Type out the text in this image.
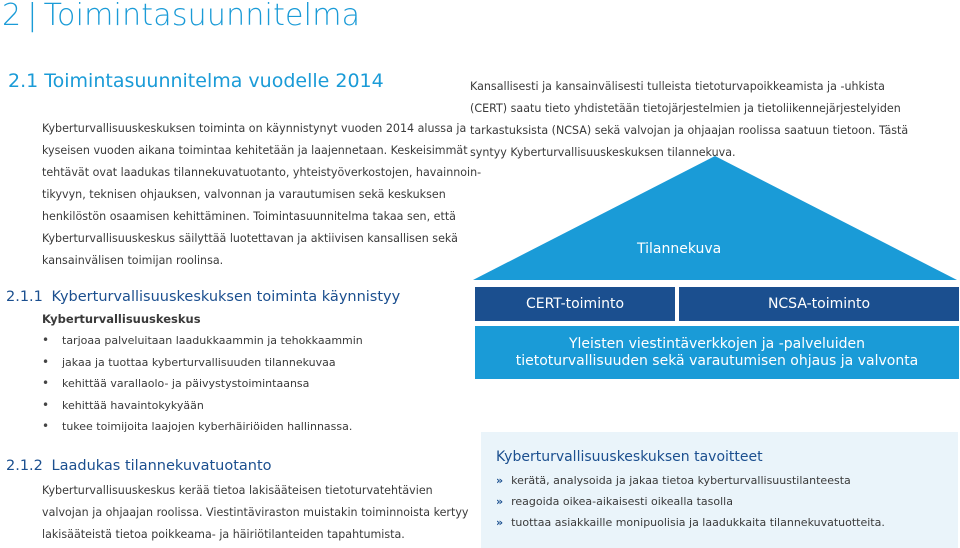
2 | Toimintasuunnitelma
2.1 Toimintasuunnitelma vuodelle 2014
Kyberturvallisuuskeskuksen toiminta on käynnistynyt vuoden 2014 alussa ja
kyseisen vuoden aikana toimintaa kehitetään ja laajennetaan. Keskeisimmät
tehtävät ovat laadukas tilannekuvatuotanto, yhteistyöverkostojen, havainnoin-
tikyvyn, teknisen ohjauksen, valvonnan ja varautumisen sekä keskuksen
henkilöstön osaamisen kehittäminen. Toimintasuunnitelma takaa sen, että
Kyberturvallisuuskeskus säilyttää luotettavan ja aktiivisen kansallisen sekä
kansainvälisen toimijan roolinsa.
Kansallisesti ja kansainvälisesti tulleista tietoturvapoikkeamista ja -uhkista
(CERT) saatu tieto yhdistetään tietojärjestelmien ja tietoliikennejärjestelyiden
tarkastuksista (NCSA) sekä valvojan ja ohjaajan roolissa saatuun tietoon. Tästä
syntyy Kyberturvallisuuskeskuksen tilannekuva.
Tilannekuva
CERT-toiminto	NCSA-toiminto
Yleisten viestintäverkkojen ja -palveluiden
tietoturvallisuuden sekä varautumisen ohjaus ja valvonta
2.1.1 Kyberturvallisuuskeskuksen toiminta käynnistyy
Kyberturvallisuuskeskus
• tarjoaa palveluitaan laadukkaammin ja tehokkaammin
• jakaa ja tuottaa kyberturvallisuuden tilannekuvaa
• kehittää varallaolo- ja päivystystoimintaansa
• kehittää havaintokykyään
• tukee toimijoita laajojen kyberhäiriöiden hallinnassa.
2.1.2 Laadukas tilannekuvatuotanto
Kyberturvallisuuskeskus kerää tietoa lakisääteisen tietoturvatehtävien
valvojan ja ohjaajan roolissa. Viestintäviraston muistakin toiminnoista kertyy
lakisääteistä tietoa poikkeama- ja häiriötilanteiden tapahtumista.
Kyberturvallisuuskeskuksen tavoitteet
» kerätä, analysoida ja jakaa tietoa kyberturvallisuustilanteesta
» reagoida oikea-aikaisesti oikealla tasolla
» tuottaa asiakkaille monipuolisia ja laadukkaita tilannekuvatuotteita.
